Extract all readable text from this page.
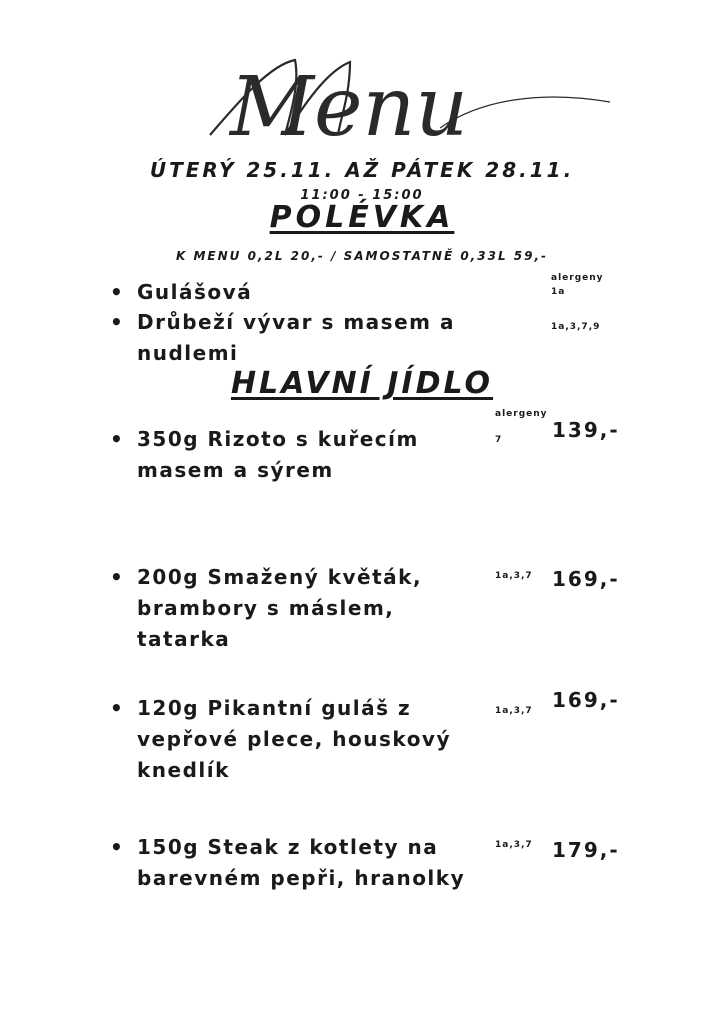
Menu
ÚTERÝ 25.11. AŽ PÁTEK 28.11.
11:00 - 15:00
POLÉVKA
K MENU 0,2L 20,- / SAMOSTATNĚ 0,33L 59,-
alergeny
1a
1a,3,7,9
• Gulášová
• Drůbeží vývar s masem a nudlemi
HLAVNÍ JÍDLO
alergeny
• 350g Rizoto s kuřecím masem a sýrem
7 139,-
• 200g Smažený květák, brambory s máslem, tatarka
1a,3,7 169,-
• 120g Pikantní guláš z vepřové plece, houskový knedlík
1a,3,7 169,-
• 150g Steak z kotlety na barevném pepři, hranolky
1a,3,7 179,-
